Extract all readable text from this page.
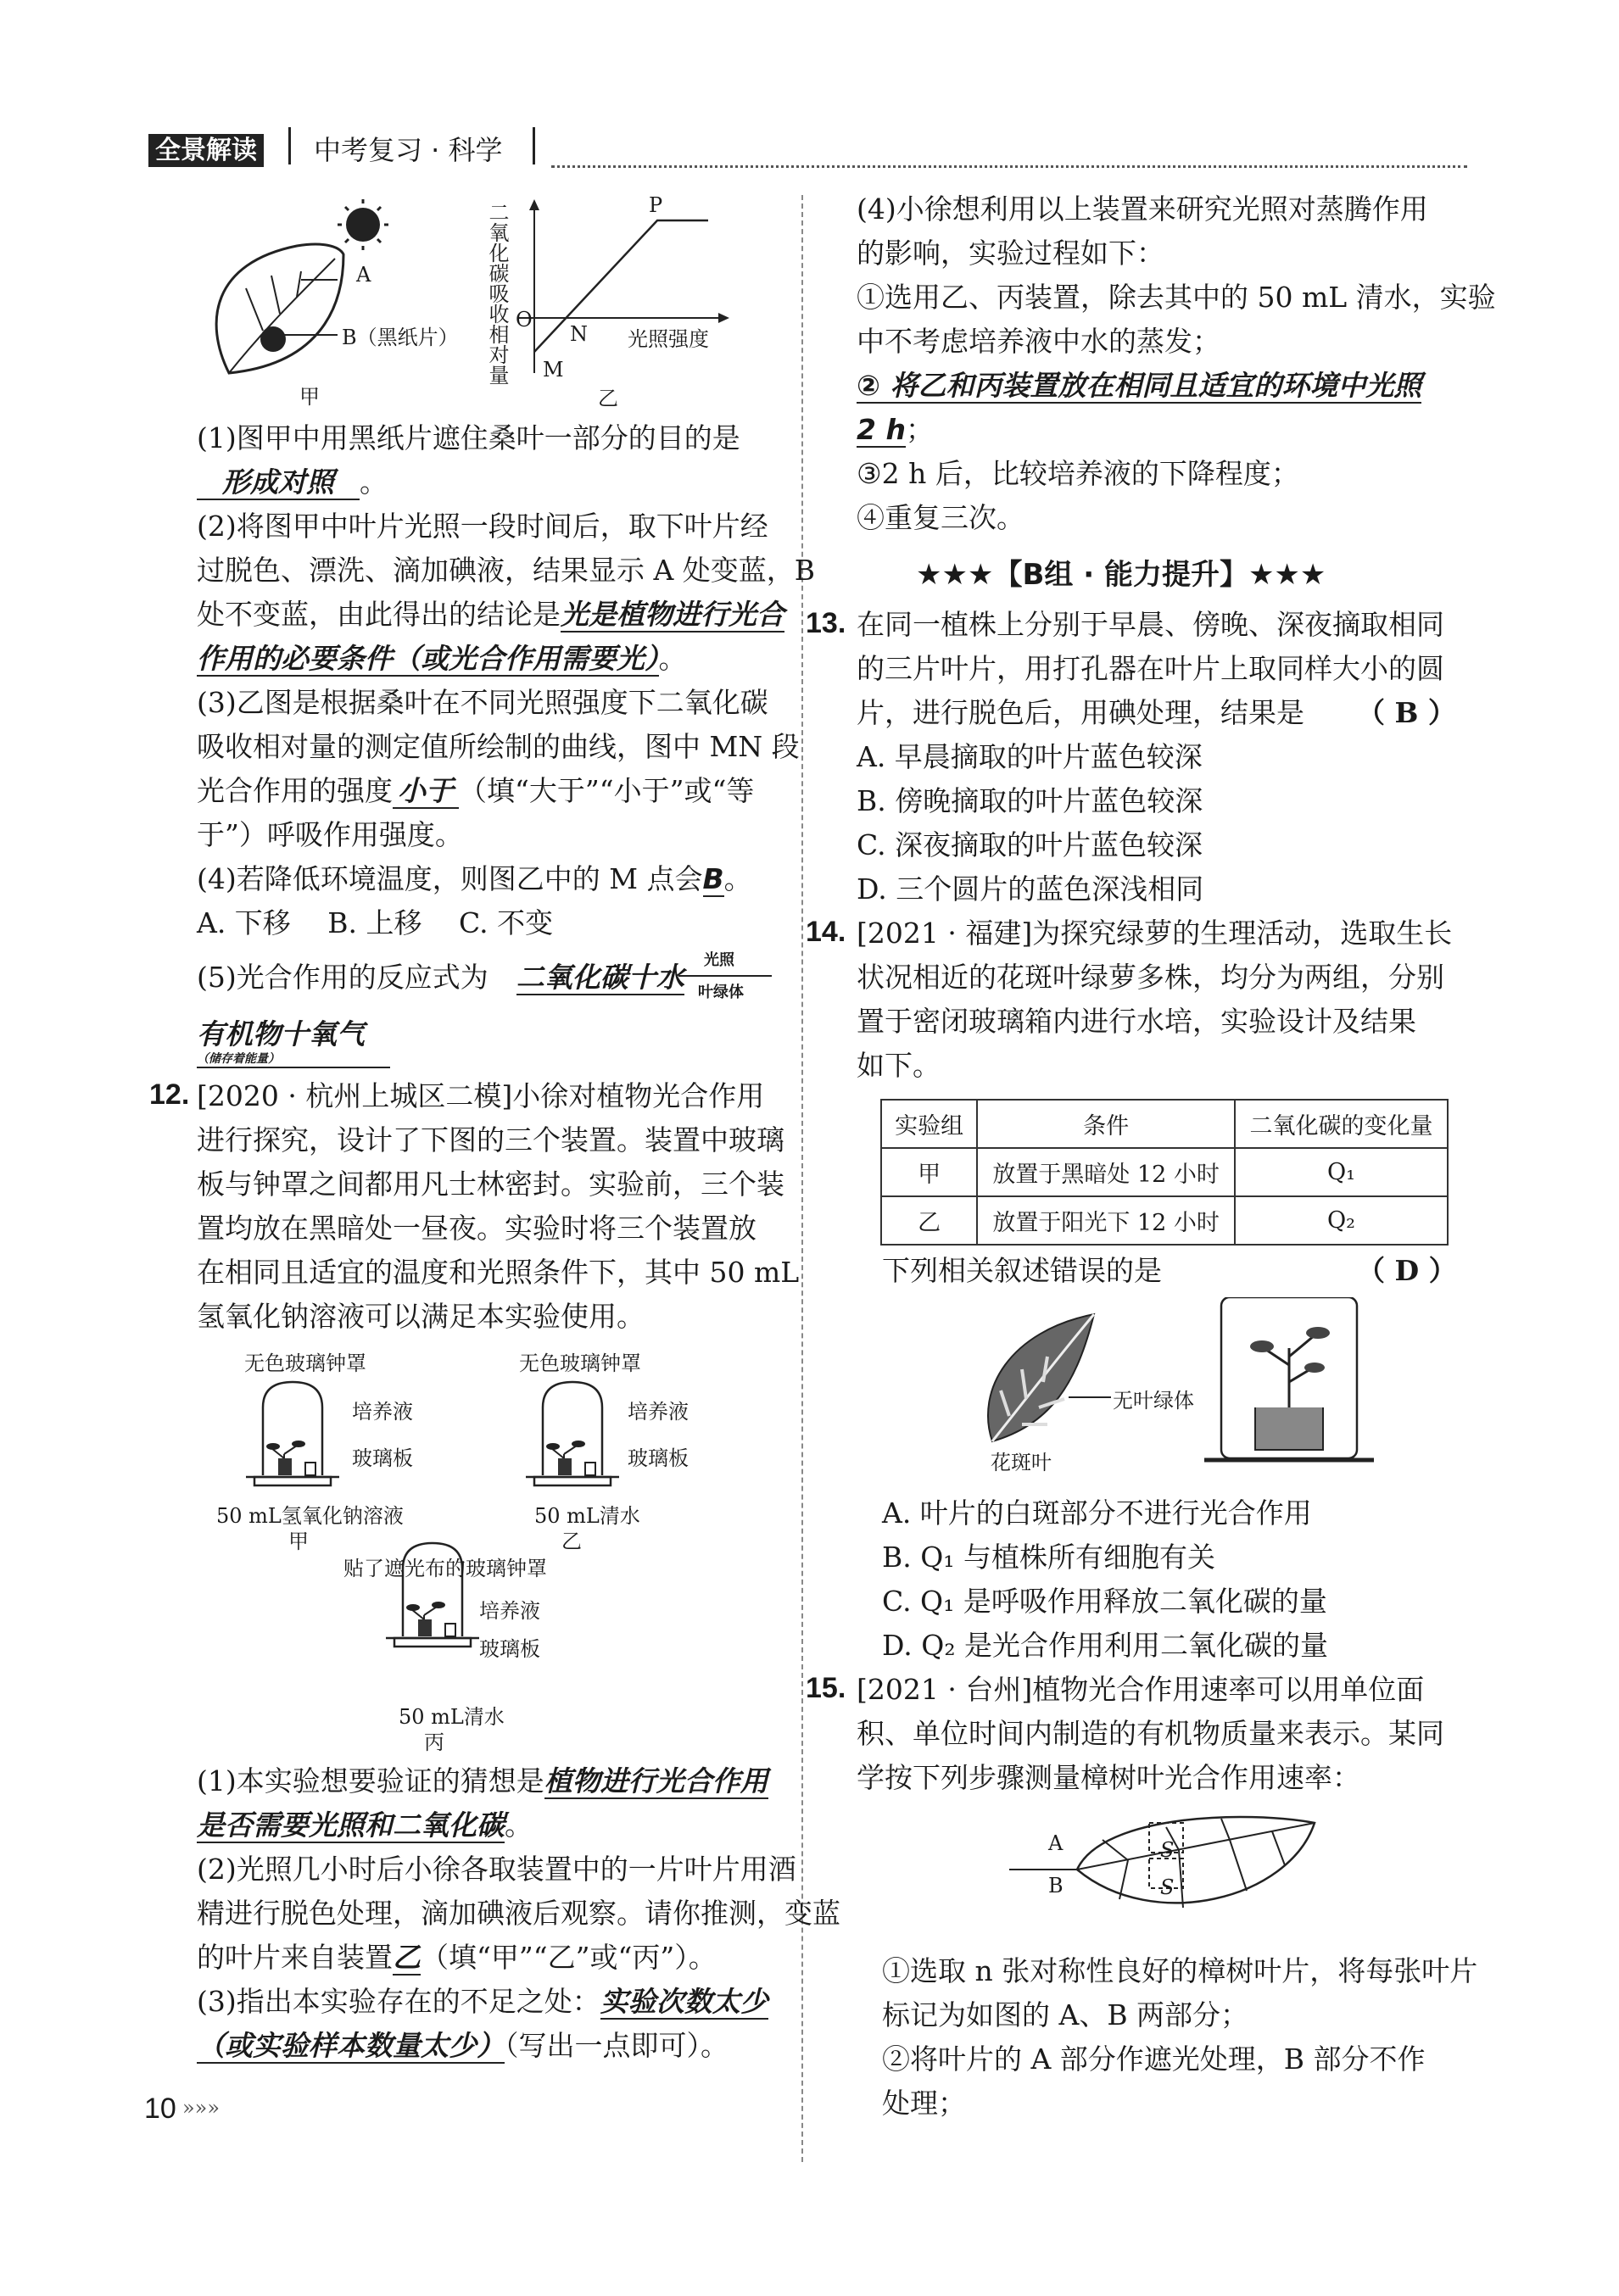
全景解读 中考复习 · 科学
A
B（黑纸片）
甲
二氧化碳吸收相对量	P
O
N
M
光照强度
乙
(1)图甲中用黑纸片遮住桑叶一部分的目的是
形成对照 。
(2)将图甲中叶片光照一段时间后，取下叶片经
过脱色、漂洗、滴加碘液，结果显示 A 处变蓝，B
处不变蓝，由此得出的结论是光是植物进行光合
作用的必要条件（或光合作用需要光）。
(3)乙图是根据桑叶在不同光照强度下二氧化碳
吸收相对量的测定值所绘制的曲线，图中 MN 段
光合作用的强度 小于 （填“大于”“小于”或“等
于”）呼吸作用强度。
(4)若降低环境温度，则图乙中的 M 点会B。
A. 下移　 B. 上移　 C. 不变
(5)光合作用的反应式为　 二氧化碳十水
光照
叶绿体
有机物十氧气
（储存着能量）
12. [2020 · 杭州上城区二模]小徐对植物光合作用
进行探究，设计了下图的三个装置。装置中玻璃
板与钟罩之间都用凡士林密封。实验前，三个装
置均放在黑暗处一昼夜。实验时将三个装置放
在相同且适宜的温度和光照条件下，其中 50 mL
氢氧化钠溶液可以满足本实验使用。
无色玻璃钟罩
培养液
玻璃板
50 mL氢氧化钠溶液
甲
无色玻璃钟罩
培养液
玻璃板
50 mL清水
乙
贴了遮光布的玻璃钟罩
培养液
玻璃板
50 mL清水
丙
(1)本实验想要验证的猜想是植物进行光合作用
是否需要光照和二氧化碳。
(2)光照几小时后小徐各取装置中的一片叶片用酒
精进行脱色处理，滴加碘液后观察。请你推测，变蓝
的叶片来自装置乙（填“甲”“乙”或“丙”）。
(3)指出本实验存在的不足之处：实验次数太少
（或实验样本数量太少）（写出一点即可）。
10 »»»
(4)小徐想利用以上装置来研究光照对蒸腾作用
的影响，实验过程如下：
①选用乙、丙装置，除去其中的 50 mL 清水，实验
中不考虑培养液中水的蒸发；
② 将乙和丙装置放在相同且适宜的环境中光照
2 h；
③2 h 后，比较培养液的下降程度；
④重复三次。
★★★【B组 · 能力提升】★★★
13. 在同一植株上分别于早晨、傍晚、深夜摘取相同
的三片叶片，用打孔器在叶片上取同样大小的圆
片，进行脱色后，用碘处理，结果是 （ B ）
A. 早晨摘取的叶片蓝色较深
B. 傍晚摘取的叶片蓝色较深
C. 深夜摘取的叶片蓝色较深
D. 三个圆片的蓝色深浅相同
14. [2021 · 福建]为探究绿萝的生理活动，选取生长
状况相近的花斑叶绿萝多株，均分为两组，分别
置于密闭玻璃箱内进行水培，实验设计及结果
如下。
实验组	条件	二氧化碳的变化量
甲	放置于黑暗处 12 小时	Q₁
乙	放置于阳光下 12 小时	Q₂
下列相关叙述错误的是	（ D ）
无叶绿体
花斑叶
A. 叶片的白斑部分不进行光合作用
B. Q₁ 与植株所有细胞有关
C. Q₁ 是呼吸作用释放二氧化碳的量
D. Q₂ 是光合作用利用二氧化碳的量
15. [2021 · 台州]植物光合作用速率可以用单位面
积、单位时间内制造的有机物质量来表示。某同
学按下列步骤测量樟树叶光合作用速率：
A
B
S
S
①选取 n 张对称性良好的樟树叶片，将每张叶片
标记为如图的 A、B 两部分；
②将叶片的 A 部分作遮光处理，B 部分不作
处理；
